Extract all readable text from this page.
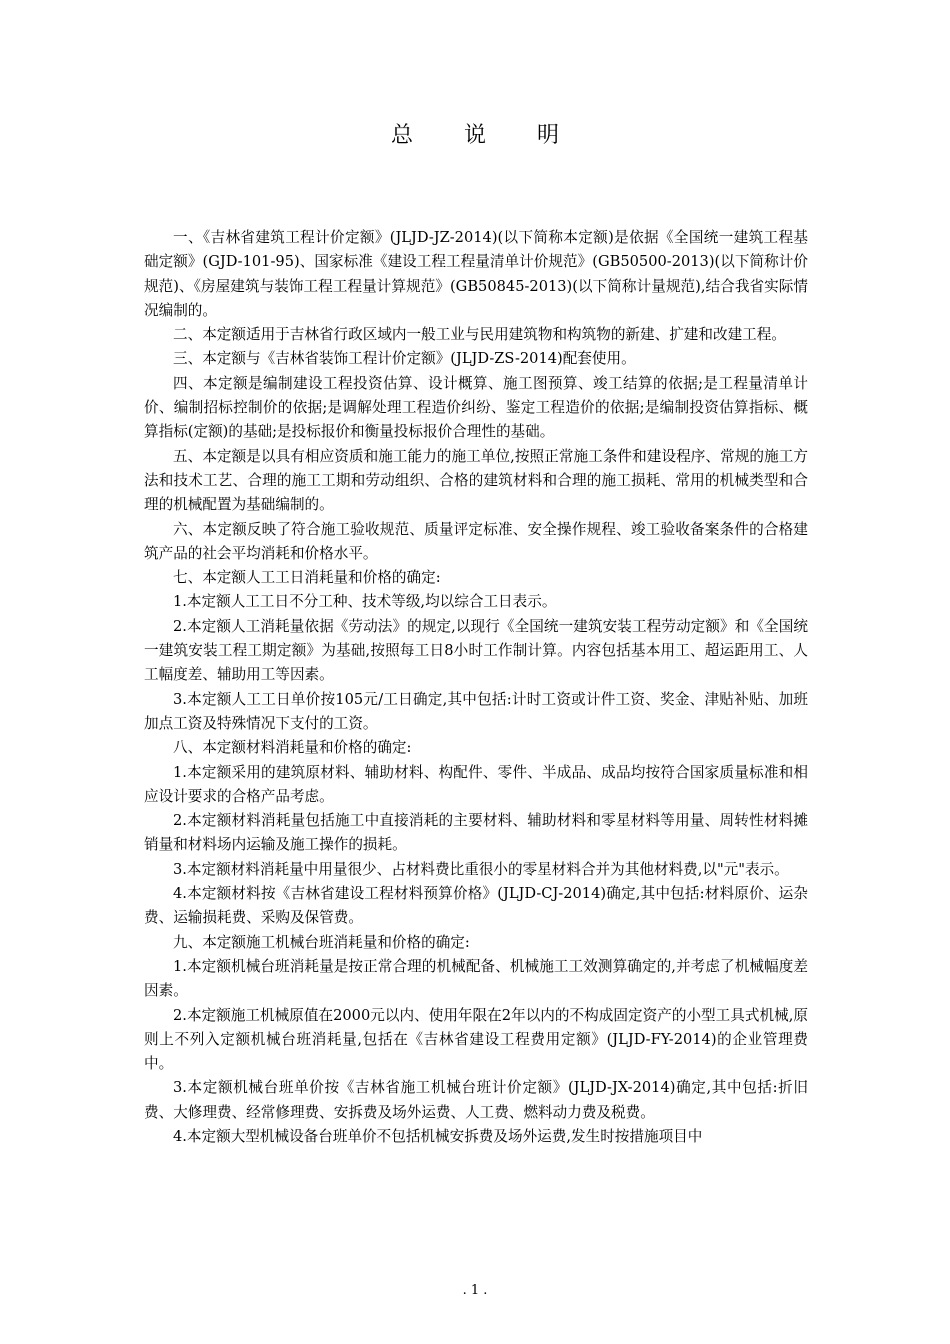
总 说 明

一、《吉林省建筑工程计价定额》(JLJD-JZ-2014)(以下简称本定额)是依据《全国统一建筑工程基础定额》(GJD-101-95)、国家标准《建设工程工程量清单计价规范》(GB50500-2013)(以下简称计价规范)、《房屋建筑与装饰工程工程量计算规范》(GB50845-2013)(以下简称计量规范),结合我省实际情况编制的。

二、本定额适用于吉林省行政区域内一般工业与民用建筑物和构筑物的新建、扩建和改建工程。

三、本定额与《吉林省装饰工程计价定额》(JLJD-ZS-2014)配套使用。

四、本定额是编制建设工程投资估算、设计概算、施工图预算、竣工结算的依据;是工程量清单计价、编制招标控制价的依据;是调解处理工程造价纠纷、鉴定工程造价的依据;是编制投资估算指标、概算指标(定额)的基础;是投标报价和衡量投标报价合理性的基础。

五、本定额是以具有相应资质和施工能力的施工单位,按照正常施工条件和建设程序、常规的施工方法和技术工艺、合理的施工工期和劳动组织、合格的建筑材料和合理的施工损耗、常用的机械类型和合理的机械配置为基础编制的。

六、本定额反映了符合施工验收规范、质量评定标准、安全操作规程、竣工验收备案条件的合格建筑产品的社会平均消耗和价格水平。

七、本定额人工工日消耗量和价格的确定:

1.本定额人工工日不分工种、技术等级,均以综合工日表示。

2.本定额人工消耗量依据《劳动法》的规定,以现行《全国统一建筑安装工程劳动定额》和《全国统一建筑安装工程工期定额》为基础,按照每工日8小时工作制计算。内容包括基本用工、超运距用工、人工幅度差、辅助用工等因素。

3.本定额人工工日单价按105元/工日确定,其中包括:计时工资或计件工资、奖金、津贴补贴、加班加点工资及特殊情况下支付的工资。

八、本定额材料消耗量和价格的确定:

1.本定额采用的建筑原材料、辅助材料、构配件、零件、半成品、成品均按符合国家质量标准和相应设计要求的合格产品考虑。

2.本定额材料消耗量包括施工中直接消耗的主要材料、辅助材料和零星材料等用量、周转性材料摊销量和材料场内运输及施工操作的损耗。

3.本定额材料消耗量中用量很少、占材料费比重很小的零星材料合并为其他材料费,以"元"表示。

4.本定额材料按《吉林省建设工程材料预算价格》(JLJD-CJ-2014)确定,其中包括:材料原价、运杂费、运输损耗费、采购及保管费。

九、本定额施工机械台班消耗量和价格的确定:

1.本定额机械台班消耗量是按正常合理的机械配备、机械施工工效测算确定的,并考虑了机械幅度差因素。

2.本定额施工机械原值在2000元以内、使用年限在2年以内的不构成固定资产的小型工具式机械,原则上不列入定额机械台班消耗量,包括在《吉林省建设工程费用定额》(JLJD-FY-2014)的企业管理费中。

3.本定额机械台班单价按《吉林省施工机械台班计价定额》(JLJD-JX-2014)确定,其中包括:折旧费、大修理费、经常修理费、安拆费及场外运费、人工费、燃料动力费及税费。

4.本定额大型机械设备台班单价不包括机械安拆费及场外运费,发生时按措施项目中

. 1 .
